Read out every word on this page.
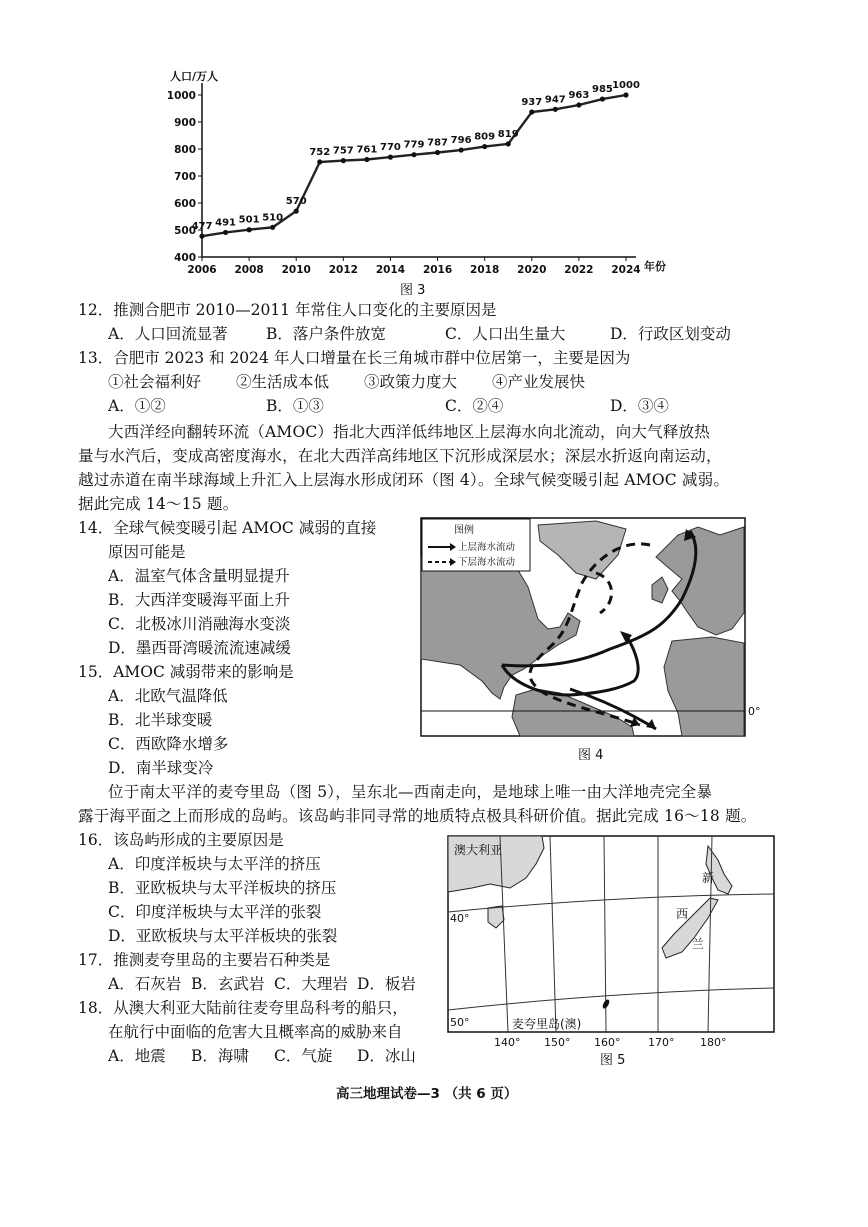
人口/万人
年份
400
500
600
700
800
900
1000
2006 2008 2010 2012 2014 2016 2018 2020 2022 2024
477 491 501 510
570
752 757 761 770 779 787 796 809 819
937 947 963
985 1000
图 3
12．推测合肥市 2010—2011 年常住人口变化的主要原因是
A．人口回流显著 B．落户条件放宽	C．人口出生量大	D．行政区划变动
13．合肥市 2023 和 2024 年人口增量在长三角城市群中位居第一，主要是因为
①社会福利好 ②生活成本低 ③政策力度大 ④产业发展快
A．①②	B．①③	C．②④	D．③④
大西洋经向翻转环流（AMOC）指北大西洋低纬地区上层海水向北流动，向大气释放热
量与水汽后，变成高密度海水，在北大西洋高纬地区下沉形成深层水；深层水折返向南运动，
越过赤道在南半球海域上升汇入上层海水形成闭环（图 4）。全球气候变暖引起 AMOC 减弱。
据此完成 14～15 题。
14．全球气候变暖引起 AMOC 减弱的直接
原因可能是
A．温室气体含量明显提升
B．大西洋变暖海平面上升
C．北极冰川消融海水变淡
D．墨西哥湾暖流流速减缓
15．AMOC 减弱带来的影响是
A．北欧气温降低
B．北半球变暖
C．西欧降水增多
D．南半球变冷
0°
图例
上层海水流动
下层海水流动
图 4
位于南太平洋的麦夸里岛（图 5），呈东北—西南走向，是地球上唯一由大洋地壳完全暴
露于海平面之上而形成的岛屿。该岛屿非同寻常的地质特点极具科研价值。据此完成 16～18 题。
16．该岛屿形成的主要原因是
A．印度洋板块与太平洋的挤压
B．亚欧板块与太平洋板块的挤压
C．印度洋板块与太平洋的张裂
D．亚欧板块与太平洋板块的张裂
17．推测麦夸里岛的主要岩石种类是
A．石灰岩 B．玄武岩 C．大理岩 D．板岩
18．从澳大利亚大陆前往麦夸里岛科考的船只，
在航行中面临的危害大且概率高的威胁来自
A．地震 B．海啸 C．气旋 D．冰山
澳大利亚
新
西
兰
麦夸里岛(澳)
40°
50°
140° 150° 160°	170° 180°
图 5
高三地理试卷—3 （共 6 页）
